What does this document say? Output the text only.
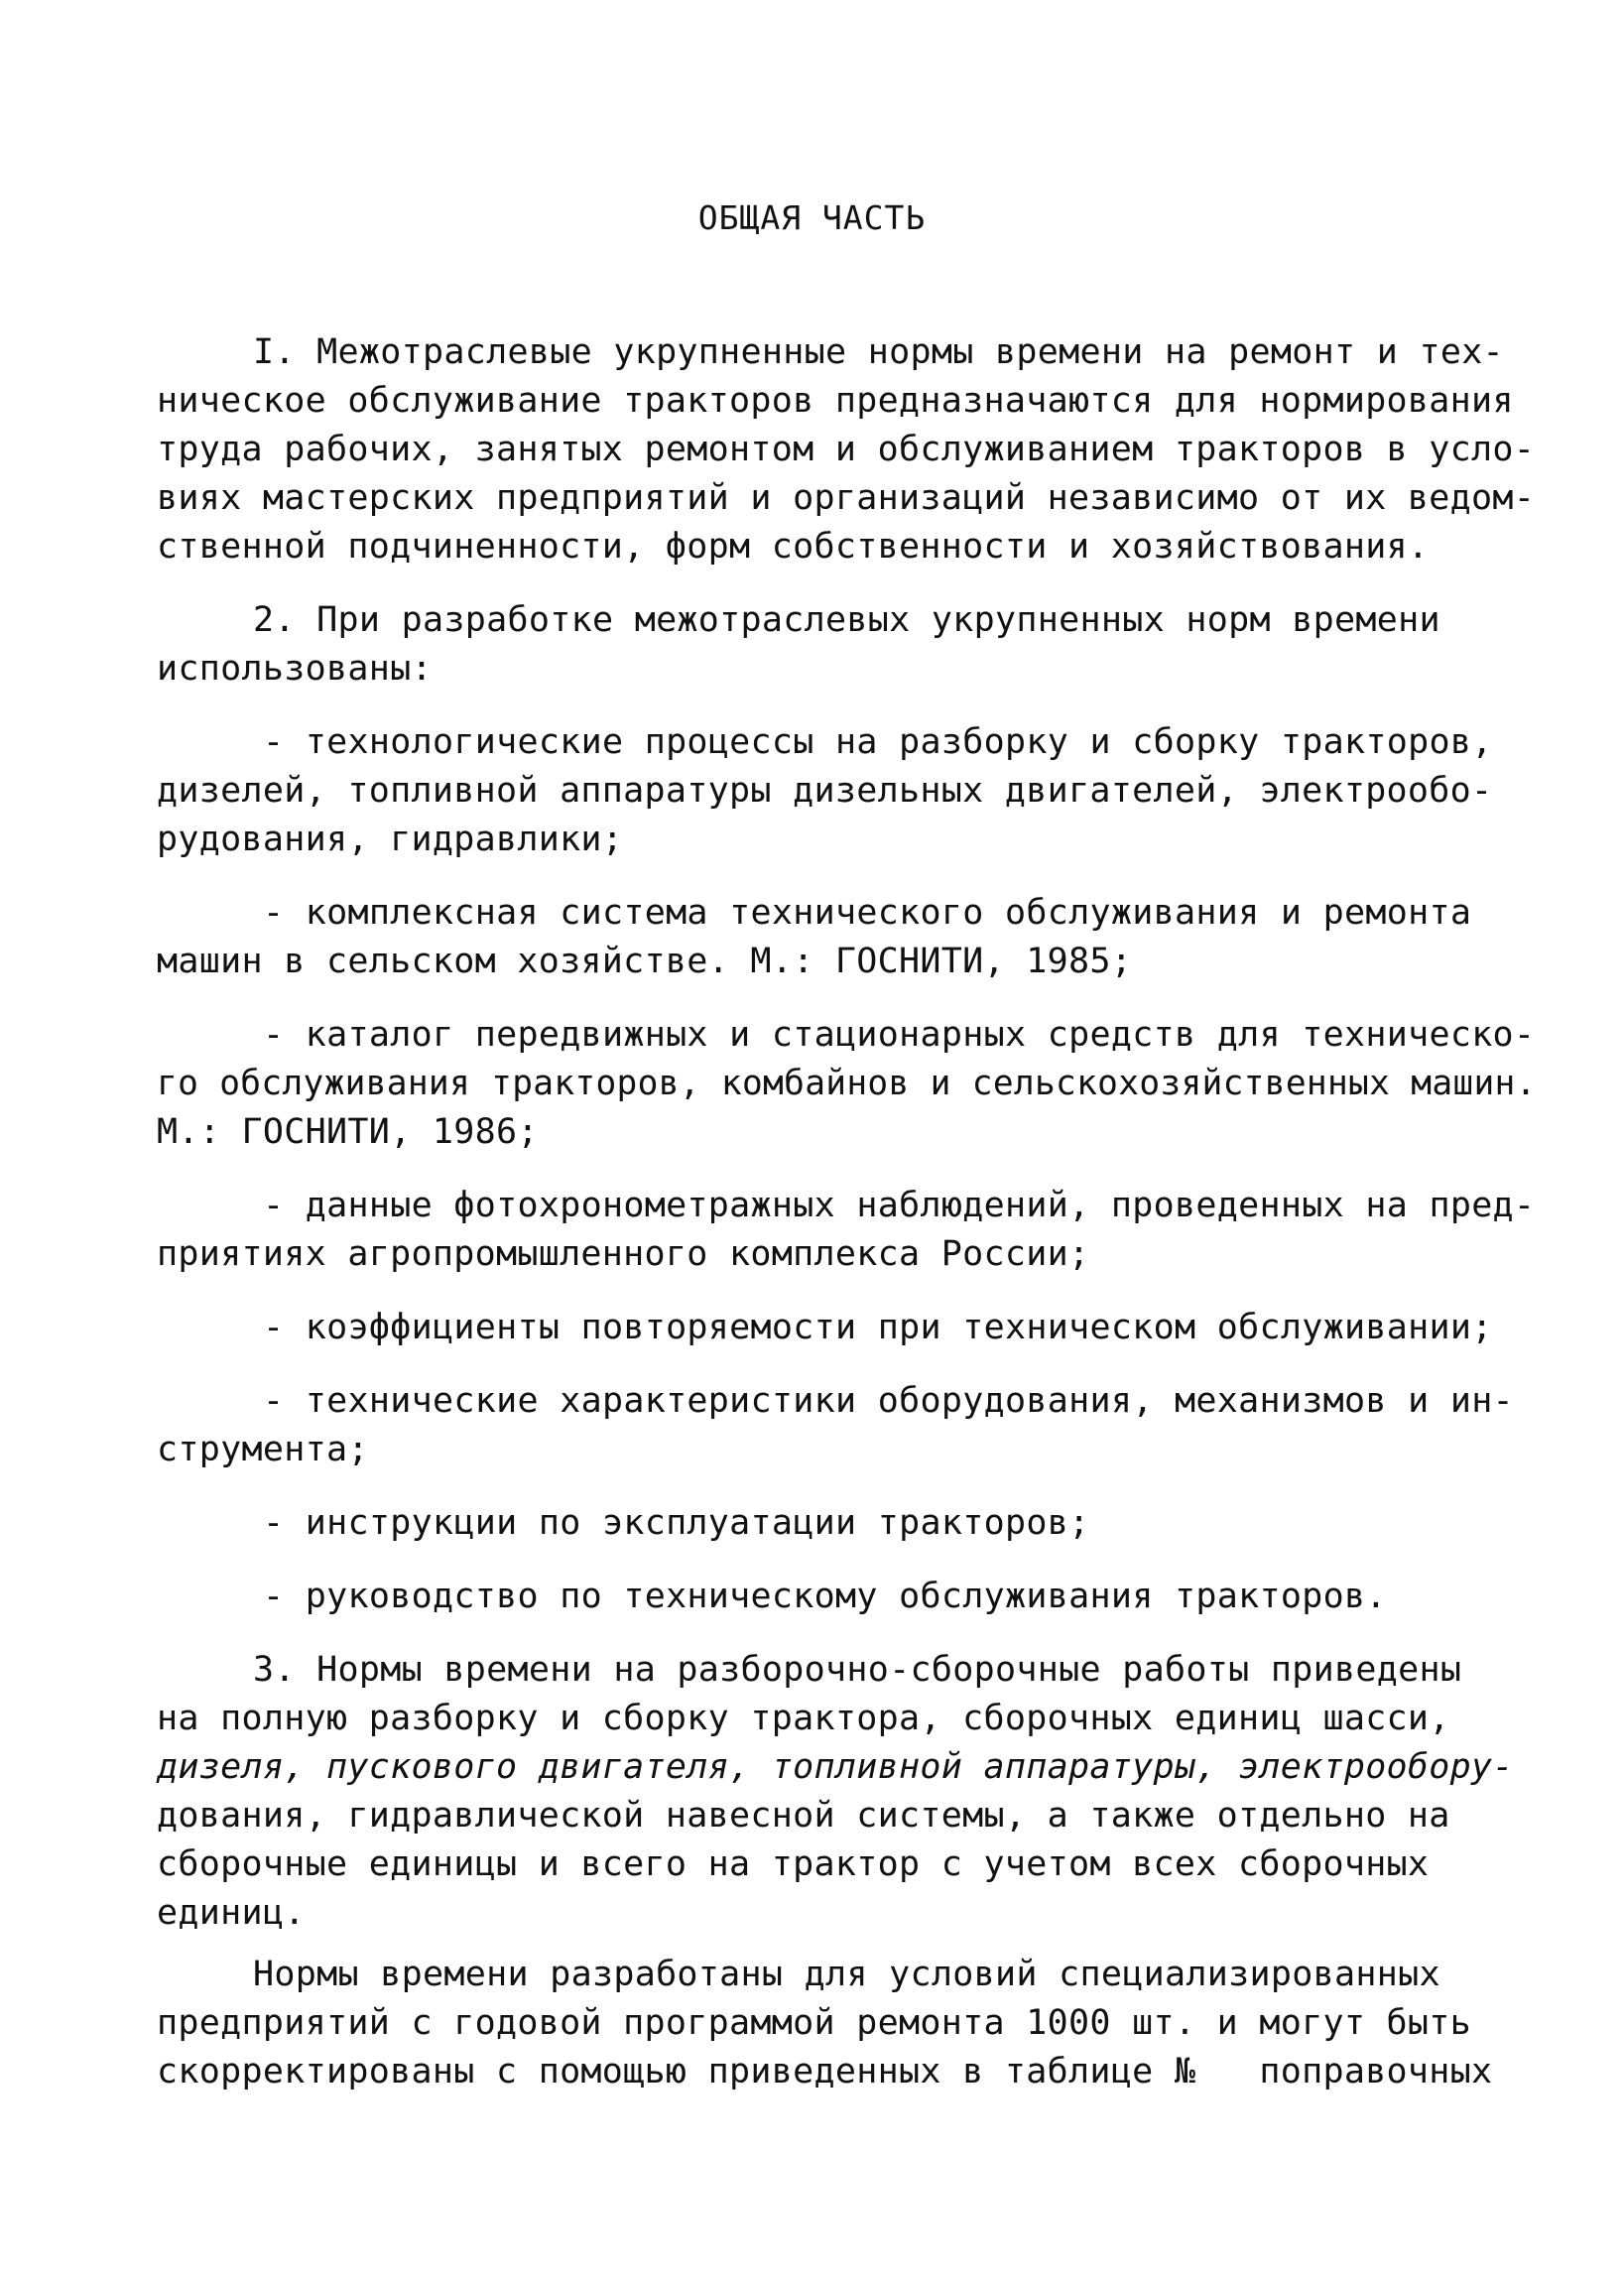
ОБЩАЯ ЧАСТЬ
I. Межотраслевые укрупненные нормы времени на ремонт и тех-
ническое обслуживание тракторов предназначаются для нормирования
труда рабочих, занятых ремонтом и обслуживанием тракторов в усло-
виях мастерских предприятий и организаций независимо от их ведом-
ственной подчиненности, форм собственности и хозяйствования.
2. При разработке межотраслевых укрупненных норм времени
использованы:
- технологические процессы на разборку и сборку тракторов,
дизелей, топливной аппаратуры дизельных двигателей, электрообо-
рудования, гидравлики;
- комплексная система технического обслуживания и ремонта
машин в сельском хозяйстве. М.: ГОСНИТИ, 1985;
- каталог передвижных и стационарных средств для техническо-
го обслуживания тракторов, комбайнов и сельскохозяйственных машин.
М.: ГОСНИТИ, 1986;
- данные фотохронометражных наблюдений, проведенных на пред-
приятиях агропромышленного комплекса России;
- коэффициенты повторяемости при техническом обслуживании;
- технические характеристики оборудования, механизмов и ин-
струмента;
- инструкции по эксплуатации тракторов;
- руководство по техническому обслуживания тракторов.
3. Нормы времени на разборочно-сборочные работы приведены
на полную разборку и сборку трактора, сборочных единиц шасси,
дизеля, пускового двигателя, топливной аппаратуры, электрообору-
дования, гидравлической навесной системы, а также отдельно на
сборочные единицы и всего на трактор с учетом всех сборочных
единиц.
Нормы времени разработаны для условий специализированных
предприятий с годовой программой ремонта 1000 шт. и могут быть
скорректированы с помощью приведенных в таблице №   поправочных
